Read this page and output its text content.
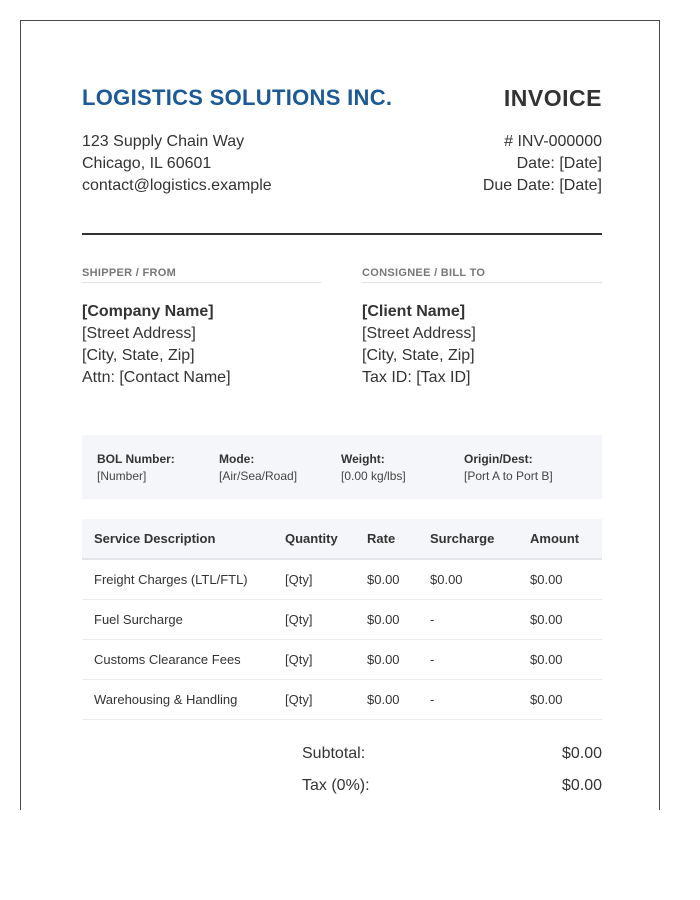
LOGISTICS SOLUTIONS INC.	INVOICE
123 Supply Chain Way
Chicago, IL 60601
contact@logistics.example
# INV-000000
Date: [Date]
Due Date: [Date]
SHIPPER / FROM
[Company Name]
[Street Address]
[City, State, Zip]
Attn: [Contact Name]
CONSIGNEE / BILL TO
[Client Name]
[Street Address]
[City, State, Zip]
Tax ID: [Tax ID]
BOL Number:
[Number]
Mode:
[Air/Sea/Road]
Weight:
[0.00 kg/lbs]
Origin/Dest:
[Port A to Port B]
Service Description	Quantity	Rate	Surcharge	Amount
Freight Charges (LTL/FTL)	[Qty]	$0.00	$0.00	$0.00
Fuel Surcharge	[Qty]	$0.00	-	$0.00
Customs Clearance Fees	[Qty]	$0.00	-	$0.00
Warehousing & Handling	[Qty]	$0.00	-	$0.00
Subtotal:	$0.00
Tax (0%):	$0.00
